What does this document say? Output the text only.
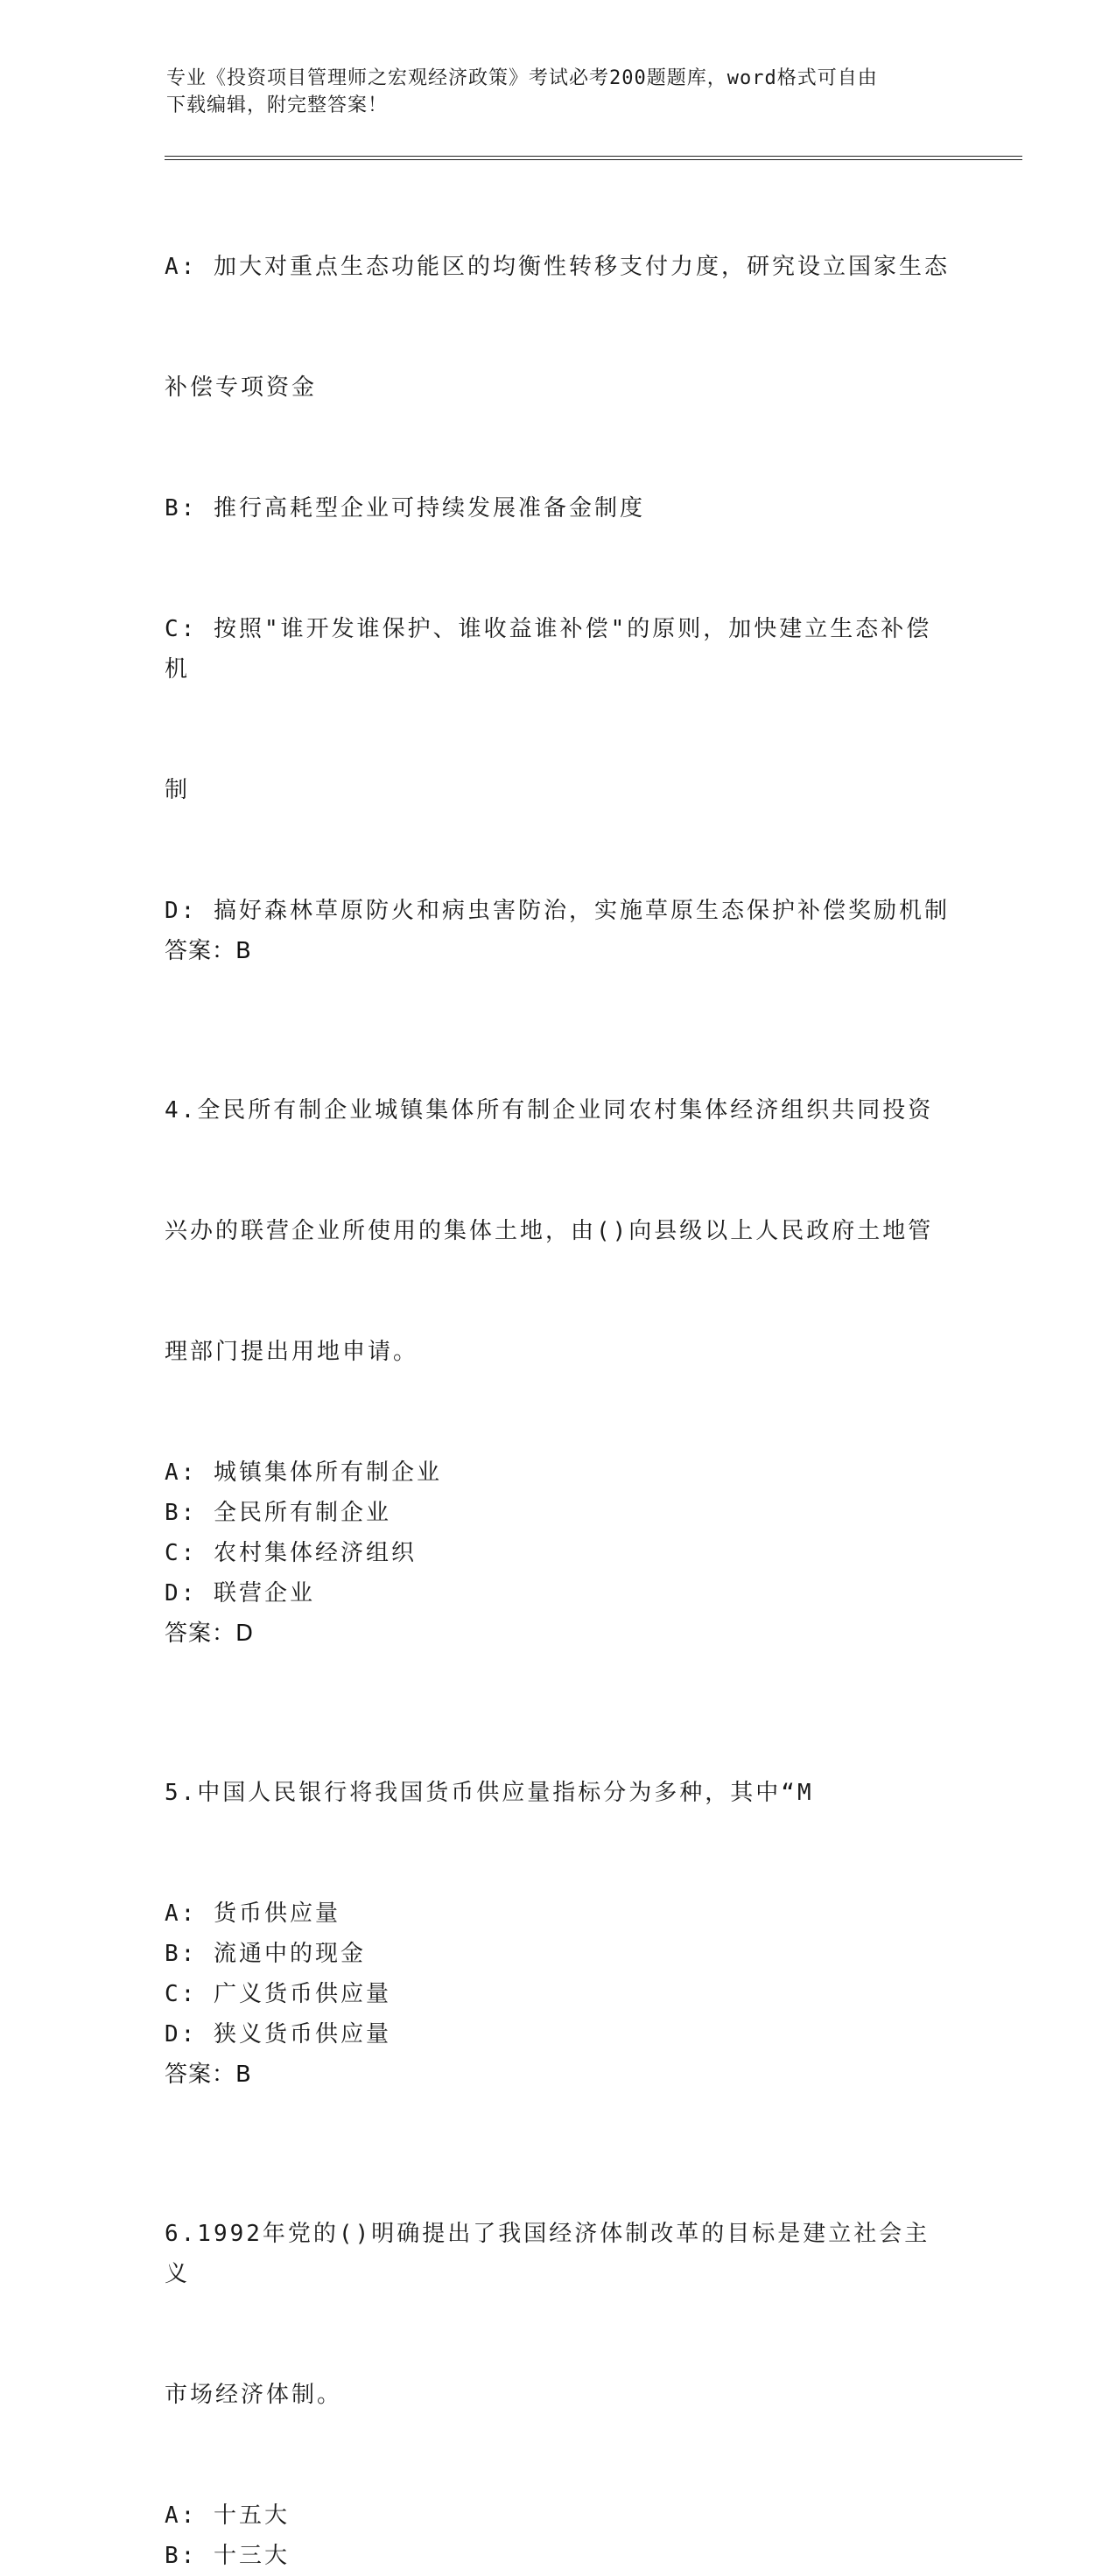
专业《投资项目管理师之宏观经济政策》考试必考200题题库，word格式可自由
下载编辑，附完整答案！

A: 加大对重点生态功能区的均衡性转移支付力度，研究设立国家生态

补偿专项资金

B: 推行高耗型企业可持续发展准备金制度

C: 按照"谁开发谁保护、谁收益谁补偿"的原则，加快建立生态补偿机

制

D: 搞好森林草原防火和病虫害防治，实施草原生态保护补偿奖励机制
答案：B

4.全民所有制企业城镇集体所有制企业同农村集体经济组织共同投资

兴办的联营企业所使用的集体土地，由()向县级以上人民政府土地管

理部门提出用地申请。

A: 城镇集体所有制企业
B: 全民所有制企业
C: 农村集体经济组织
D: 联营企业
答案：D

5.中国人民银行将我国货币供应量指标分为多种，其中“M

A: 货币供应量
B: 流通中的现金
C: 广义货币供应量
D: 狭义货币供应量
答案：B

6.1992年党的()明确提出了我国经济体制改革的目标是建立社会主义

市场经济体制。

A: 十五大
B: 十三大
